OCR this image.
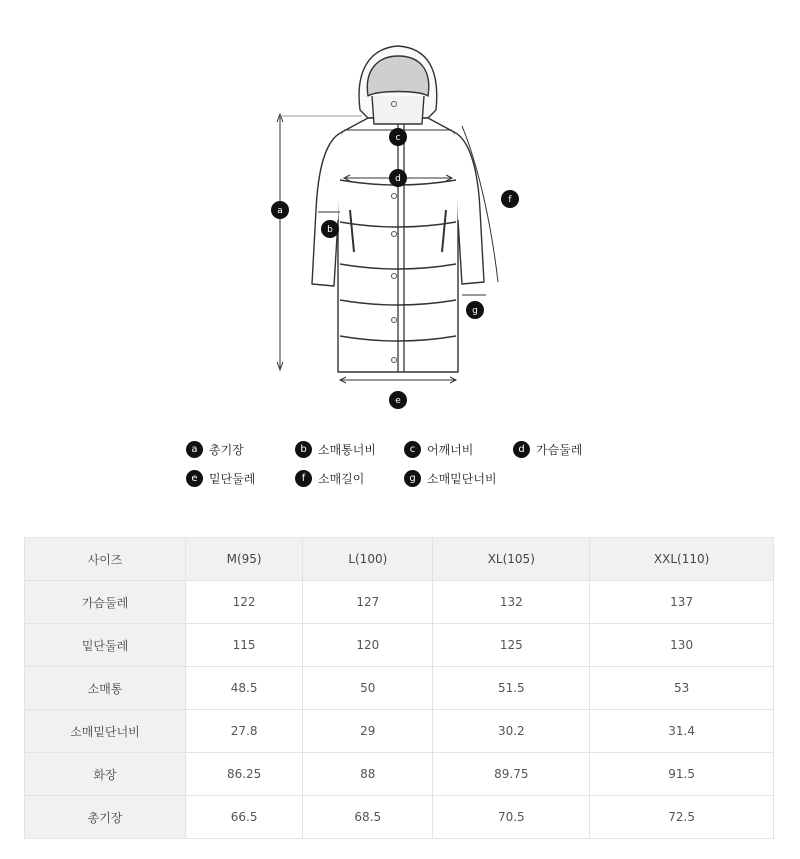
a
b
c
d
e
f
g
a 총기장	b 소매통너비	c 어깨너비	d 가슴둘레
e 밑단둘레	f	소매길이	g 소매밑단너비
사이즈	M(95)	L(100)	XL(105)	XXL(110)
가슴둘레	122	127	132	137
밑단둘레	115	120	125	130
소매통	48.5	50	51.5	53
소매밑단너비	27.8	29	30.2	31.4
화장	86.25	88	89.75	91.5
총기장	66.5	68.5	70.5	72.5
